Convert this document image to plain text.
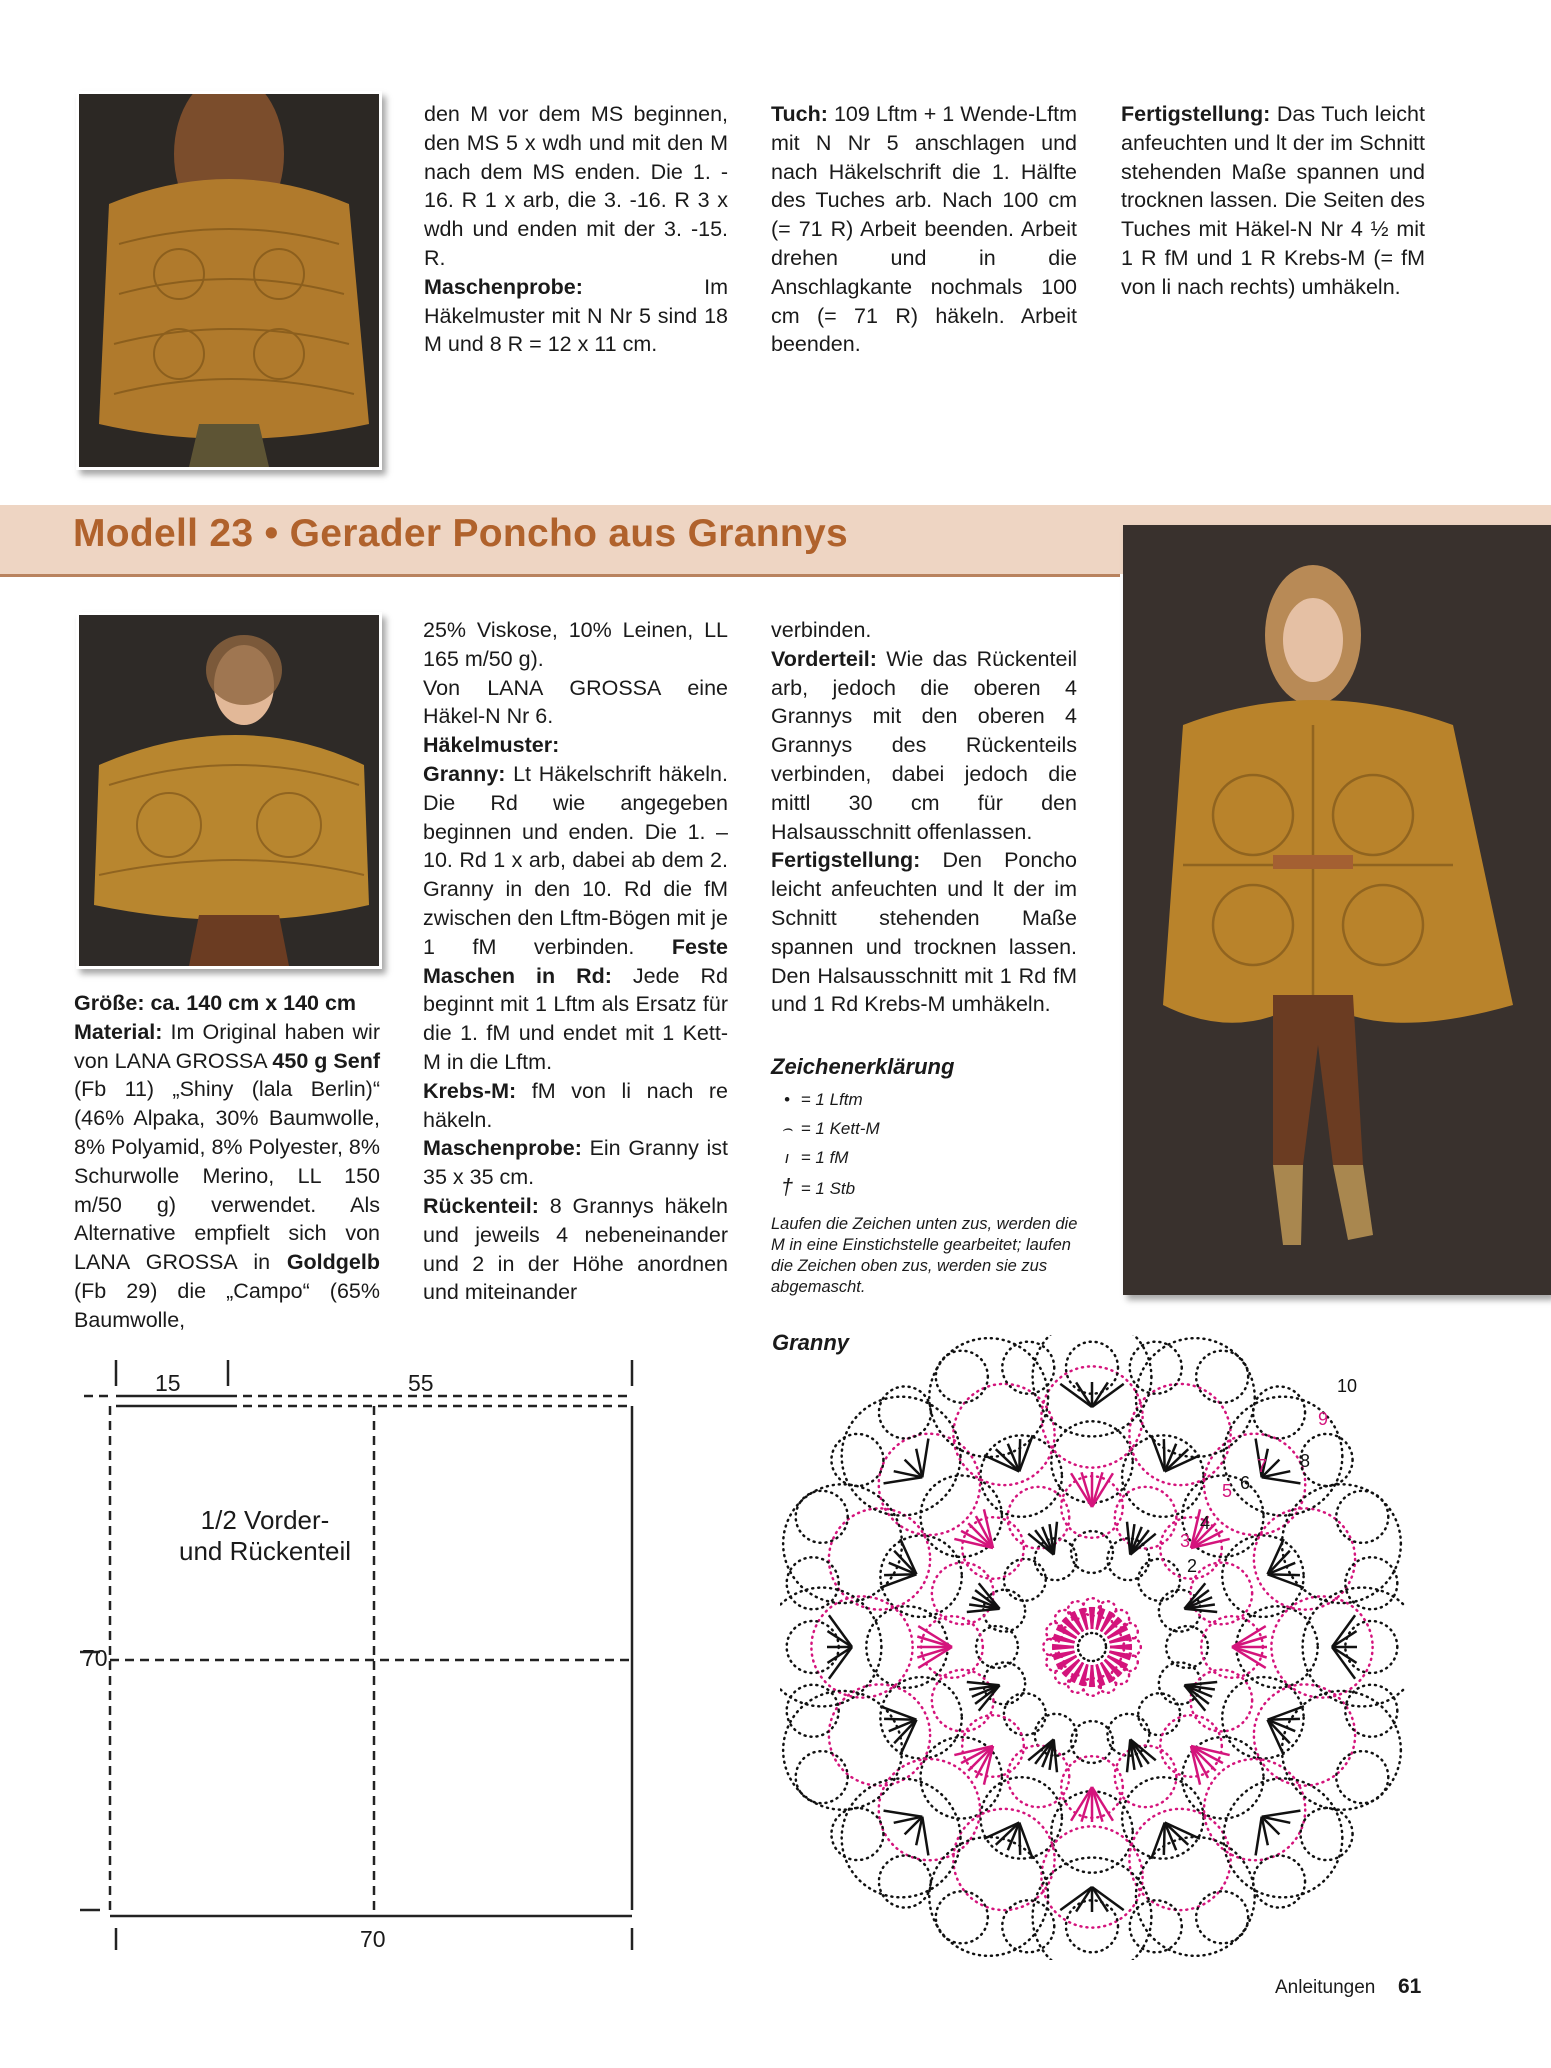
den M vor dem MS beginnen, den MS 5 x wdh und mit den M nach dem MS enden. Die 1. - 16. R 1 x arb, die 3. -16. R 3 x wdh und enden mit der 3. -15. R.
Maschenprobe: Im Häkelmuster mit N Nr 5 sind 18 M und 8 R = 12 x 11 cm.
Tuch: 109 Lftm + 1 Wende-Lftm mit N Nr 5 anschlagen und nach Häkelschrift die 1. Hälfte des Tuches arb. Nach 100 cm (= 71 R) Arbeit beenden. Arbeit drehen und in die Anschlagkante nochmals 100 cm (= 71 R) häkeln. Arbeit beenden.
Fertigstellung: Das Tuch leicht anfeuchten und lt der im Schnitt stehenden Maße spannen und trocknen lassen. Die Seiten des Tuches mit Häkel-N Nr 4 ½ mit 1 R fM und 1 R Krebs-M (= fM von li nach rechts) umhäkeln.
Modell 23 • Gerader Poncho aus Grannys
Größe: ca. 140 cm x 140 cm
Material: Im Original haben wir von LANA GROSSA 450 g Senf (Fb 11) „Shiny (lala Berlin)“ (46% Alpaka, 30% Baumwolle, 8% Polyamid, 8% Polyester, 8% Schurwolle Merino, LL 150 m/50 g) verwendet. Als Alternative empfielt sich von LANA GROSSA in Goldgelb (Fb 29) die „Campo“ (65% Baumwolle,
25% Viskose, 10% Leinen, LL 165 m/50 g).
Von LANA GROSSA eine Häkel-N Nr 6.
Häkelmuster:
Granny: Lt Häkelschrift häkeln. Die Rd wie angegeben beginnen und enden. Die 1. – 10. Rd 1 x arb, dabei ab dem 2. Granny in den 10. Rd die fM zwischen den Lftm-Bögen mit je 1 fM verbinden. Feste Maschen in Rd: Jede Rd beginnt mit 1 Lftm als Ersatz für die 1. fM und endet mit 1 Kett-M in die Lftm.
Krebs-M: fM von li nach re häkeln.
Maschenprobe: Ein Granny ist 35 x 35 cm.
Rückenteil: 8 Grannys häkeln und jeweils 4 nebeneinander und 2 in der Höhe anordnen und miteinander
verbinden.
Vorderteil: Wie das Rückenteil arb, jedoch die oberen 4 Grannys mit den oberen 4 Grannys des Rückenteils verbinden, dabei jedoch die mittl 30 cm für den Halsausschnitt offenlassen.
Fertigstellung: Den Poncho leicht anfeuchten und lt der im Schnitt stehenden Maße spannen und trocknen lassen. Den Halsausschnitt mit 1 Rd fM und 1 Rd Krebs-M umhäkeln.
Zeichenerklärung
• = 1 Lftm
⌢ = 1 Kett-M
ı = 1 fM
† = 1 Stb
Laufen die Zeichen unten zus, werden die M in eine Einstichstelle gearbeitet; laufen die Zeichen oben zus, werden sie zus abgemascht.
15	55
70
70
1/2 Vorder-
und Rückenteil
Granny
2
3
4
5 6
7 8
9
10
Anleitungen 61
